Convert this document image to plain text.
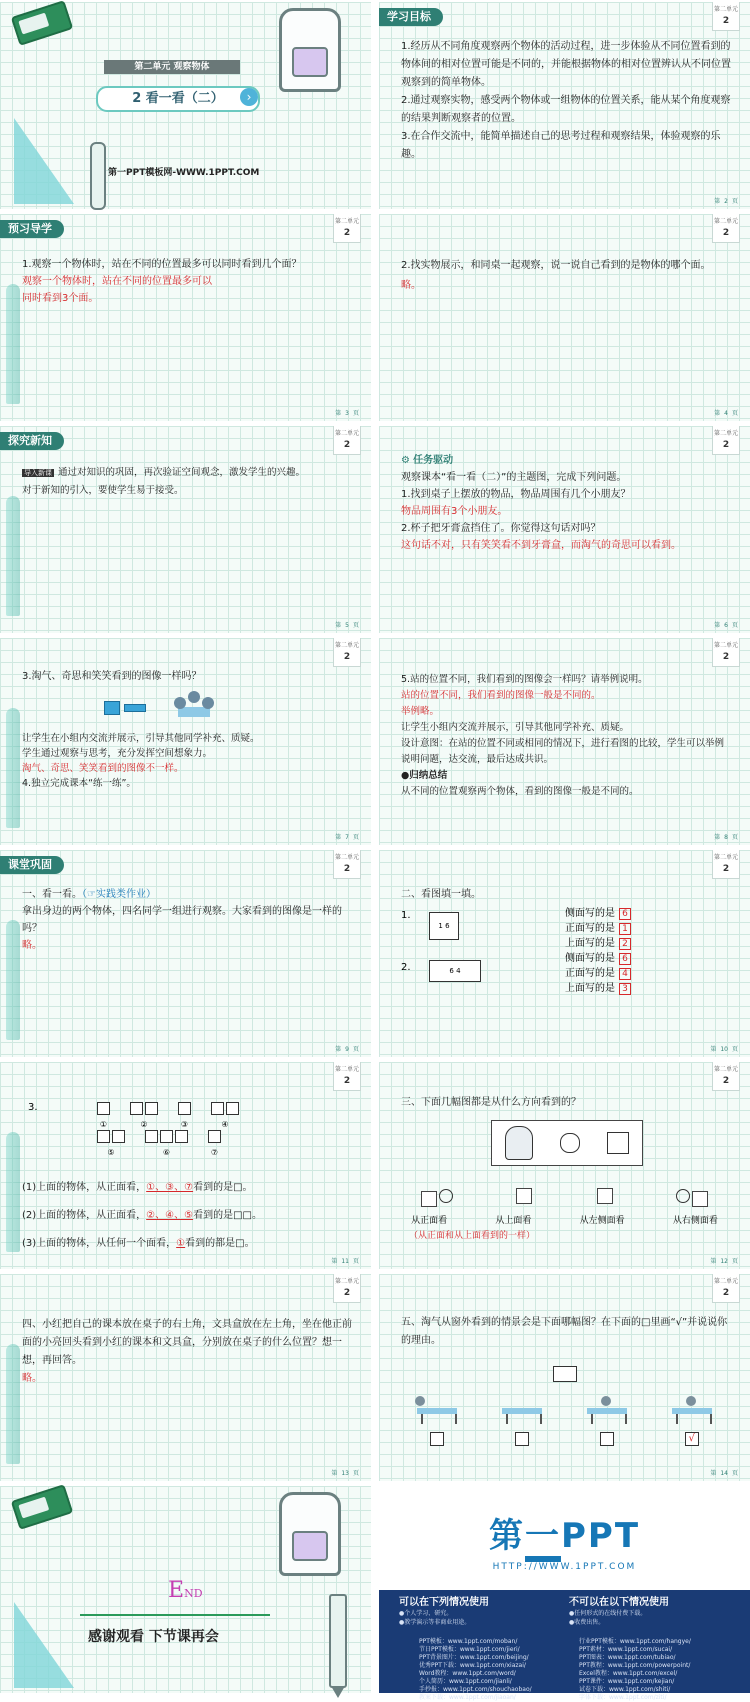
第二单元 观察物体
2 看一看（二）	›
第一PPT模板网-WWW.1PPT.COM
学习目标
第二单元
2

1.经历从不同角度观察两个物体的活动过程，进一步体验从不同位置看到的物体间的相对位置可能是不同的，并能根据物体的相对位置辨认从不同位置观察到的简单物体。

2.通过观察实物，感受两个物体或一组物体的位置关系，能从某个角度观察的结果判断观察者的位置。

3.在合作交流中，能简单描述自己的思考过程和观察结果，体验观察的乐趣。

第 2 页
预习导学
第二单元
2

1.观察一个物体时，站在不同的位置最多可以同时看到几个面？

观察一个物体时，站在不同的位置最多可以

同时看到3个面。

第 3 页
第二单元
2

2.找实物展示，和同桌一起观察，说一说自己看到的是物体的哪个面。

略。

第 4 页
探究新知
第二单元
2

导入新课 通过对知识的巩固，再次验证空间观念，激发学生的兴趣。

对于新知的引入，要使学生易于接受。

第 5 页
第二单元
2

⚙ 任务驱动

观察课本“看一看（二）”的主题图，完成下列问题。

1.找到桌子上摆放的物品，物品周围有几个小朋友？

物品周围有3个小朋友。

2.杯子把牙膏盒挡住了。你觉得这句话对吗？

这句话不对，只有笑笑看不到牙膏盒，而淘气的奇思可以看到。

第 6 页
第二单元
2

3.淘气、奇思和笑笑看到的图像一样吗？

让学生在小组内交流并展示，引导其他同学补充、质疑。

学生通过观察与思考，充分发挥空间想象力。

淘气、奇思、笑笑看到的图像不一样。

4.独立完成课本“练一练”。

第 7 页
第二单元
2

5.站的位置不同，我们看到的图像会一样吗？请举例说明。

站的位置不同，我们看到的图像一般是不同的。

举例略。

让学生小组内交流并展示，引导其他同学补充、质疑。

设计意图：在站的位置不同或相同的情况下，进行看图的比较，学生可以举例说明问题，达交流，最后达成共识。

●归纳总结

从不同的位置观察两个物体，看到的图像一般是不同的。

第 8 页
课堂巩固
第二单元
2

一、看一看。（☞实践类作业）

拿出身边的两个物体，四名同学一组进行观察。大家看到的图像是一样的吗？

略。

第 9 页
第二单元
2

二、看图填一填。

1.
1 6
2.	6 4
侧面写的是 6
正面写的是 1
上面写的是 2
侧面写的是 6
正面写的是 4
上面写的是 3
第 10 页
第二单元
2
3.
①	②	③	④
⑤	⑥	⑦

(1)上面的物体，从正面看，①、③、⑦看到的是□。

(2)上面的物体，从正面看，②、④、⑤看到的是□□。

(3)上面的物体，从任何一个面看，①看到的都是□。

第 11 页
第二单元
2

三、下面几幅图都是从什么方向看到的？

从正面看	从上面看	从左侧面看	从右侧面看
（从正面和从上面看到的一样）
第 12 页
第二单元
2

四、小红把自己的课本放在桌子的右上角，文具盒放在左上角，坐在他正前面的小亮回头看到小红的课本和文具盒，分别放在桌子的什么位置？想一想，再回答。

略。

第 13 页
第二单元
2

五、淘气从窗外看到的情景会是下面哪幅图？在下面的□里画“√”并说说你的理由。

√
第 14 页
END
感谢观看 下节课再会
第一PPT
HTTP://WWW.1PPT.COM
可以在下列情况使用
●个人学习、研究。
●教学演示等非商业用途。
不可以在以下情况使用
●任何形式的在线付费下载。
●收费出售。
PPT模板：www.1ppt.com/moban/
节日PPT模板：www.1ppt.com/jieri/
PPT背景图片：www.1ppt.com/beijing/
优秀PPT下载：www.1ppt.com/xiazai/
Word教程：www.1ppt.com/word/
个人简历：www.1ppt.com/jianli/
手抄报：www.1ppt.com/shouchaobao/
教案下载：www.1ppt.com/jiaoan/
行业PPT模板：www.1ppt.com/hangye/
PPT素材：www.1ppt.com/sucai/
PPT图表：www.1ppt.com/tubiao/
PPT教程：www.1ppt.com/powerpoint/
Excel教程：www.1ppt.com/excel/
PPT课件：www.1ppt.com/kejian/
试卷下载：www.1ppt.com/shiti/
字体下载：www.1ppt.com/ziti/
